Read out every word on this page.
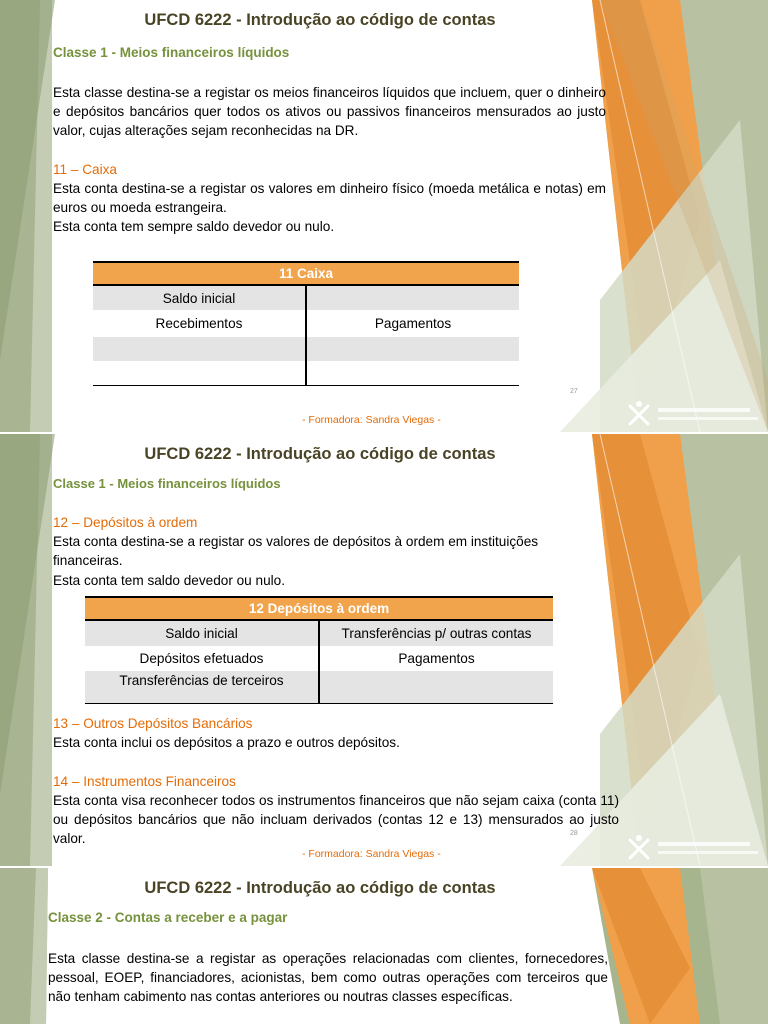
UFCD 6222 - Introdução ao código de contas
Classe 1 - Meios financeiros líquidos
Esta classe destina-se a registar os meios financeiros líquidos que incluem, quer o dinheiro e depósitos bancários quer todos os ativos ou passivos financeiros mensurados ao justo valor, cujas alterações sejam reconhecidas na DR.
11 – Caixa
Esta conta destina-se a registar os valores em dinheiro físico (moeda metálica e notas) em euros ou moeda estrangeira.
Esta conta tem sempre saldo devedor ou nulo.
11 Caixa	
Saldo inicial	
Recebimentos	Pagamentos

27
- Formadora: Sandra Viegas -
UFCD 6222 - Introdução ao código de contas
Classe 1 - Meios financeiros líquidos
12 – Depósitos à ordem
Esta conta destina-se a registar os valores de depósitos à ordem em instituições financeiras.
Esta conta tem saldo devedor ou nulo.
12 Depósitos à ordem	
Saldo inicial	Transferências p/ outras contas
Depósitos efetuados	Pagamentos
Transferências de terceiros	
13 – Outros Depósitos Bancários
Esta conta inclui os depósitos a prazo e outros depósitos.
14 – Instrumentos Financeiros
Esta conta visa reconhecer todos os instrumentos financeiros que não sejam caixa (conta 11) ou depósitos bancários que não incluam derivados (contas 12 e 13) mensurados ao justo valor.	28
- Formadora: Sandra Viegas -
UFCD 6222 - Introdução ao código de contas
Classe 2 - Contas a receber e a pagar
Esta classe destina-se a registar as operações relacionadas com clientes, fornecedores, pessoal, EOEP, financiadores, acionistas, bem como outras operações com terceiros que não tenham cabimento nas contas anteriores ou noutras classes específicas.
